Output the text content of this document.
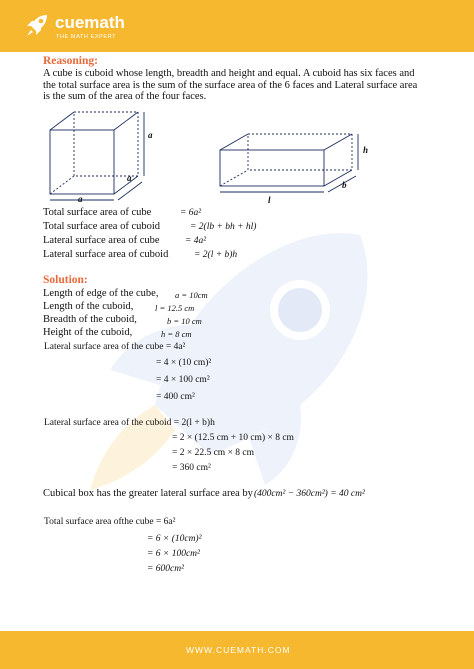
cuemath
THE MATH EXPERT
Reasoning:
A cube is cuboid whose length, breadth and height and equal. A cuboid has six faces and the total surface area is the sum of the surface area of the 6 faces and Lateral surface area is the sum of the area of the four faces.
a
a
a
h
b
l
Total surface area of cube	= 6a²
Total surface area of cuboid	= 2(lb + bh + hl)
Lateral surface area of cube	= 4a²
Lateral surface area of cuboid	= 2(l + b)h
Solution:
Length of edge of the cube, a = 10cm
Length of the cuboid,	l = 12.5 cm
Breadth of the cuboid,	b = 10 cm
Height of the cuboid,	h = 8 cm
Lateral surface area of the cube = 4a²
= 4 × (10 cm)²
= 4 × 100 cm²
= 400 cm²
Lateral surface area of the cuboid = 2(l + b)h
= 2 × (12.5 cm + 10 cm) × 8 cm
= 2 × 22.5 cm × 8 cm
= 360 cm²
Cubical box has the greater lateral surface area by (400cm² − 360cm²) = 40 cm²
Total surface area ofthe cube = 6a²
= 6 × (10cm)²
= 6 × 100cm²
= 600cm²
WWW.CUEMATH.COM
